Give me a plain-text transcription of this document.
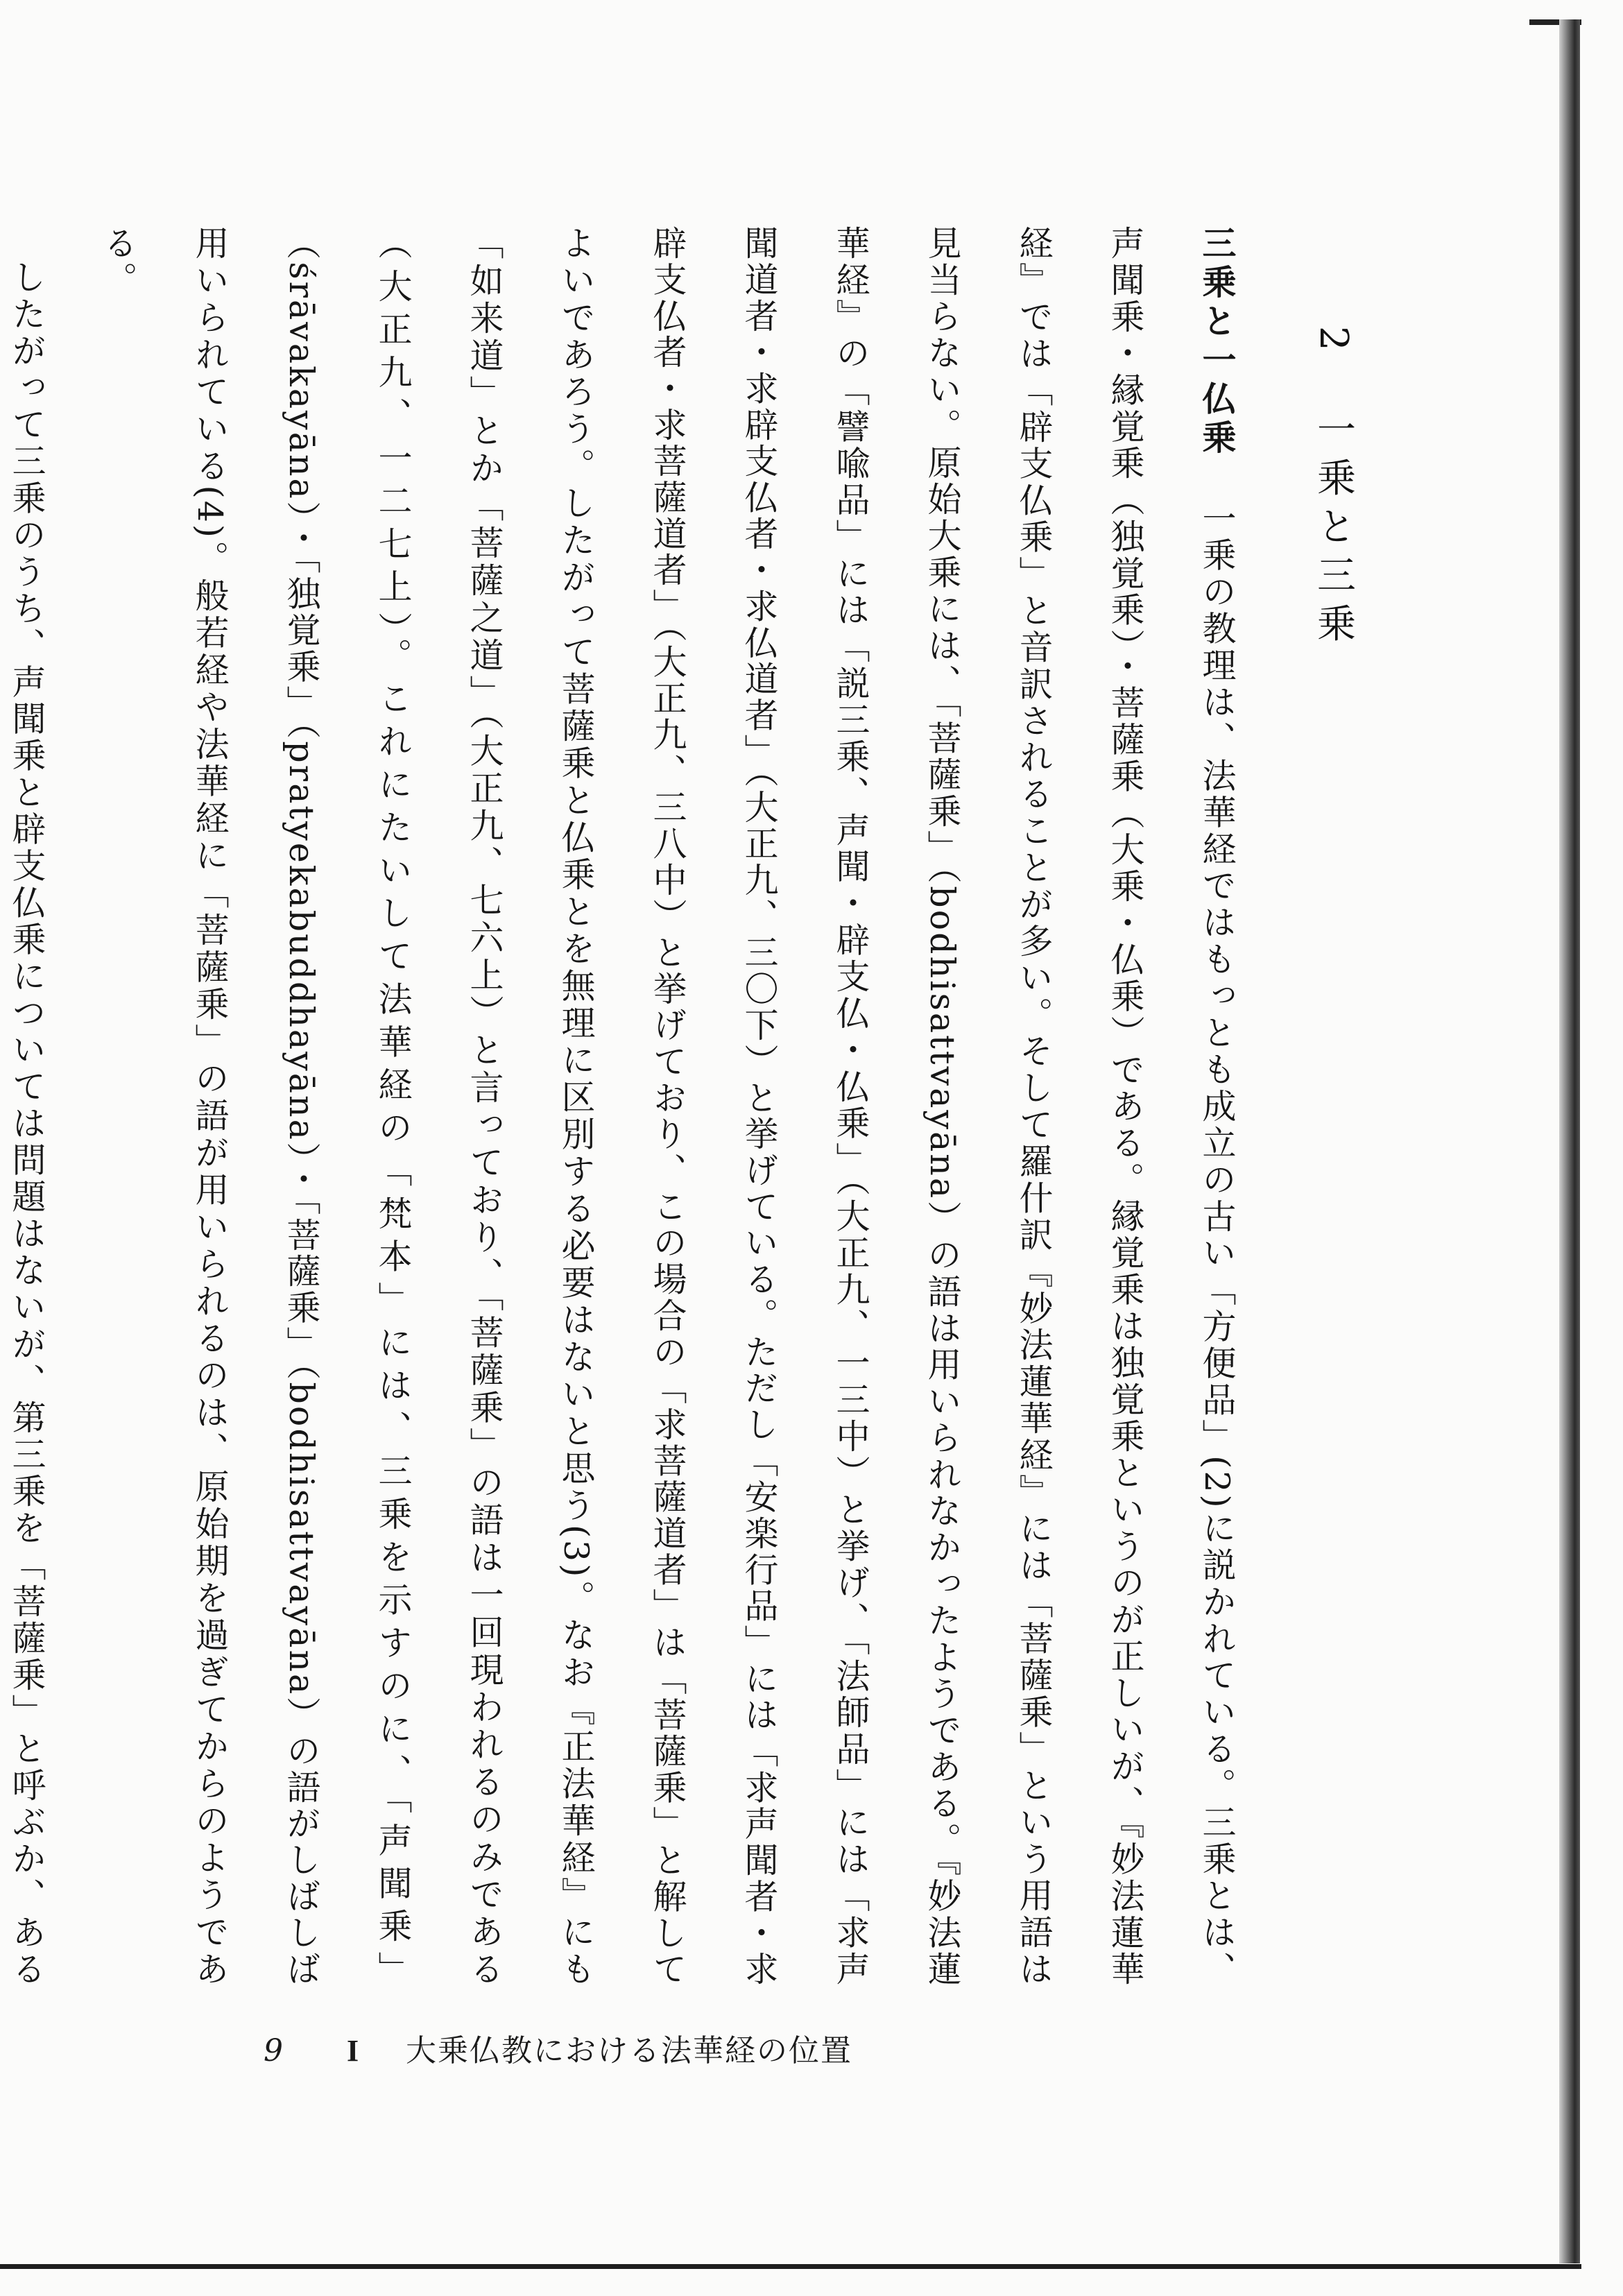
2一乗と三乗

三乗と一仏乗一乗の教理は、法華経ではもっとも成立の古い「方便品」(2)に説かれている。三乗とは、声聞乗・縁覚乗（独覚乗）・菩薩乗（大乗・仏乗）である。縁覚乗は独覚乗というのが正しいが、『妙法蓮華経』では「辟支仏乗」と音訳されることが多い。そして羅什訳『妙法蓮華経』には「菩薩乗」という用語は見当らない。原始大乗には、「菩薩乗」（bodhisattvayāna）の語は用いられなかったようである。『妙法蓮華経』の「譬喩品」には「説三乗、声聞・辟支仏・仏乗」（大正九、一三中）と挙げ、「法師品」には「求声聞道者・求辟支仏者・求仏道者」（大正九、三〇下）と挙げている。ただし「安楽行品」には「求声聞者・求辟支仏者・求菩薩道者」（大正九、三八中）と挙げており、この場合の「求菩薩道者」は「菩薩乗」と解してよいであろう。したがって菩薩乗と仏乗とを無理に区別する必要はないと思う(3)。なお『正法華経』にも「如来道」とか「菩薩之道」（大正九、七六上）と言っており、「菩薩乗」の語は一回現われるのみである（大正九、一二七上）。これにたいして法華経の「梵本」には、三乗を示すのに、「声聞乗」（śrāvakayāna）・「独覚乗」（pratyekabuddhayāna）・「菩薩乗」（bodhisattvayāna）の語がしばしば用いられている(4)。般若経や法華経に「菩薩乗」の語が用いられるのは、原始期を過ぎてからのようである。

したがって三乗のうち、声聞乗と辟支仏乗については問題はないが、第三乗を「菩薩乗」と呼ぶか、ある

9	I	大乗仏教における法華経の位置
